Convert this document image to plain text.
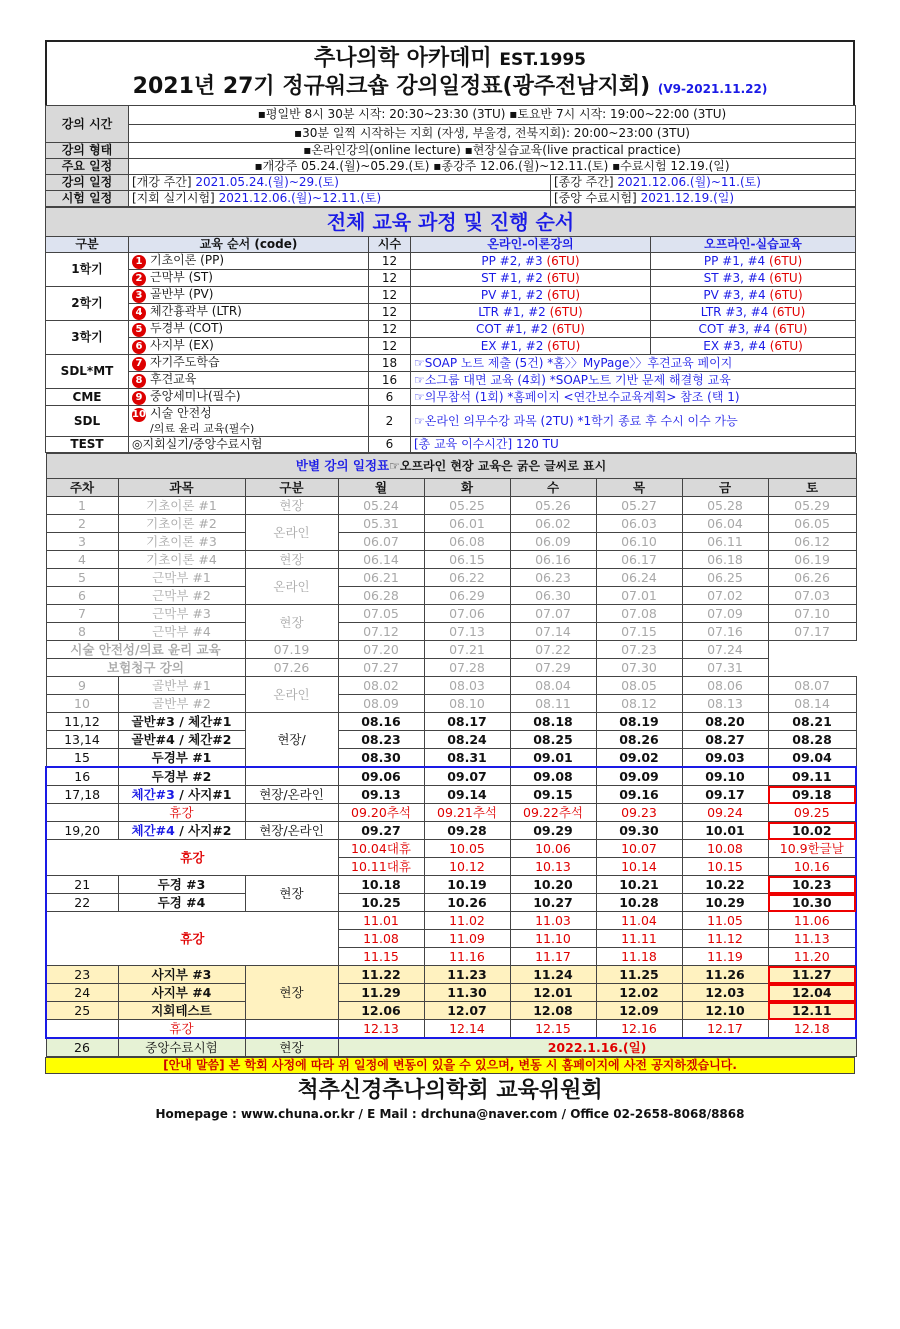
추나의학 아카데미 EST.1995
2021년 27기 정규워크숍 강의일정표(광주전남지회) (V9-2021.11.22)
강의 시간	▪평일반 8시 30분 시작: 20:30~23:30 (3TU) ▪토요반 7시 시작: 19:00~22:00 (3TU)	
	▪30분 일찍 시작하는 지회 (자생, 부울경, 전북지회): 20:00~23:00 (3TU)	
강의 형태	▪온라인강의(online lecture) ▪현장실습교육(live practical practice)	
주요 일정	▪개강주 05.24.(월)~05.29.(토) ▪종강주 12.06.(월)~12.11.(토) ▪수료시험 12.19.(일)	
강의 일정	[개강 주간] 2021.05.24.(월)~29.(토)	[종강 주간] 2021.12.06.(월)~11.(토)
시험 일정	[지회 실기시험] 2021.12.06.(월)~12.11.(토)	[중앙 수료시험] 2021.12.19.(일)
전체 교육 과정 및 진행 순서				
구분	교육 순서 (code)	시수	온라인-이론강의	오프라인-실습교육
1학기	1 기초이론 (PP)	12	PP #2, #3 (6TU)	PP #1, #4 (6TU)
	2 근막부 (ST)	12	ST #1, #2 (6TU)	ST #3, #4 (6TU)
2학기	3 골반부 (PV)	12	PV #1, #2 (6TU)	PV #3, #4 (6TU)
	4 체간흉곽부 (LTR)	12	LTR #1, #2 (6TU)	LTR #3, #4 (6TU)
3학기	5 두경부 (COT)	12	COT #1, #2 (6TU)	COT #3, #4 (6TU)
	6 사지부 (EX)	12	EX #1, #2 (6TU)	EX #3, #4 (6TU)
SDL*MT	7 자기주도학습	18	☞SOAP 노트 제출 (5건) *홈〉〉MyPage〉〉후견교육 페이지	
	8 후견교육	16	☞소그룹 대면 교육 (4회) *SOAP노트 기반 문제 해결형 교육	
CME	9 중앙세미나(필수)	6	☞의무참석 (1회) *홈페이지 <연간보수교육계획> 참조 (택 1)	
SDL	10 시술 안전성
/의료 윤리 교육(필수)	2	☞온라인 의무수강 과목 (2TU) *1학기 종료 후 수시 이수 가능	
TEST	◎지회실기/중앙수료시험	6	[총 교육 이수시간] 120 TU	
반별 강의 일정표☞오프라인 현장 교육은 굵은 글씨로 표시								
주차	과목	구분	월	화	수	목	금	토
1	기초이론 #1	현장	05.24	05.25	05.26	05.27	05.28	05.29
2	기초이론 #2	온라인	05.31	06.01	06.02	06.03	06.04	06.05
3	기초이론 #3		06.07	06.08	06.09	06.10	06.11	06.12
4	기초이론 #4	현장	06.14	06.15	06.16	06.17	06.18	06.19
5	근막부 #1	온라인	06.21	06.22	06.23	06.24	06.25	06.26
6	근막부 #2		06.28	06.29	06.30	07.01	07.02	07.03
7	근막부 #3	현장	07.05	07.06	07.07	07.08	07.09	07.10
8	근막부 #4		07.12	07.13	07.14	07.15	07.16	07.17
시술 안전성/의료 윤리 교육		07.19	07.20	07.21	07.22	07.23	07.24	
보험청구 강의		07.26	07.27	07.28	07.29	07.30	07.31	
9	골반부 #1	온라인	08.02	08.03	08.04	08.05	08.06	08.07
10	골반부 #2		08.09	08.10	08.11	08.12	08.13	08.14
11,12	골반#3 / 체간#1	현장/	08.16	08.17	08.18	08.19	08.20	08.21
13,14	골반#4 / 체간#2		08.23	08.24	08.25	08.26	08.27	08.28
15	두경부 #1		08.30	08.31	09.01	09.02	09.03	09.04
16	두경부 #2		09.06	09.07	09.08	09.09	09.10	09.11
17,18	체간#3 / 사지#1	현장/온라인	09.13	09.14	09.15	09.16	09.17	09.18
	휴강		09.20추석	09.21추석	09.22추석	09.23	09.24	09.25
19,20	체간#4 / 사지#2	현장/온라인	09.27	09.28	09.29	09.30	10.01	10.02
휴강			10.04대휴	10.05	10.06	10.07	10.08	10.9한글날
			10.11대휴	10.12	10.13	10.14	10.15	10.16
21	두경 #3	현장	10.18	10.19	10.20	10.21	10.22	10.23
22	두경 #4		10.25	10.26	10.27	10.28	10.29	10.30
휴강			11.01	11.02	11.03	11.04	11.05	11.06
			11.08	11.09	11.10	11.11	11.12	11.13
			11.15	11.16	11.17	11.18	11.19	11.20
23	사지부 #3	현장	11.22	11.23	11.24	11.25	11.26	11.27
24	사지부 #4		11.29	11.30	12.01	12.02	12.03	12.04
25	지회테스트		12.06	12.07	12.08	12.09	12.10	12.11
	휴강		12.13	12.14	12.15	12.16	12.17	12.18
26	중앙수료시험	현장	2022.1.16.(일)					
[안내 말씀] 본 학회 사정에 따라 위 일정에 변동이 있을 수 있으며, 변동 시 홈페이지에 사전 공지하겠습니다.
척추신경추나의학회 교육위원회
Homepage : www.chuna.or.kr / E Mail : drchuna@naver.com / Office 02-2658-8068/8868
